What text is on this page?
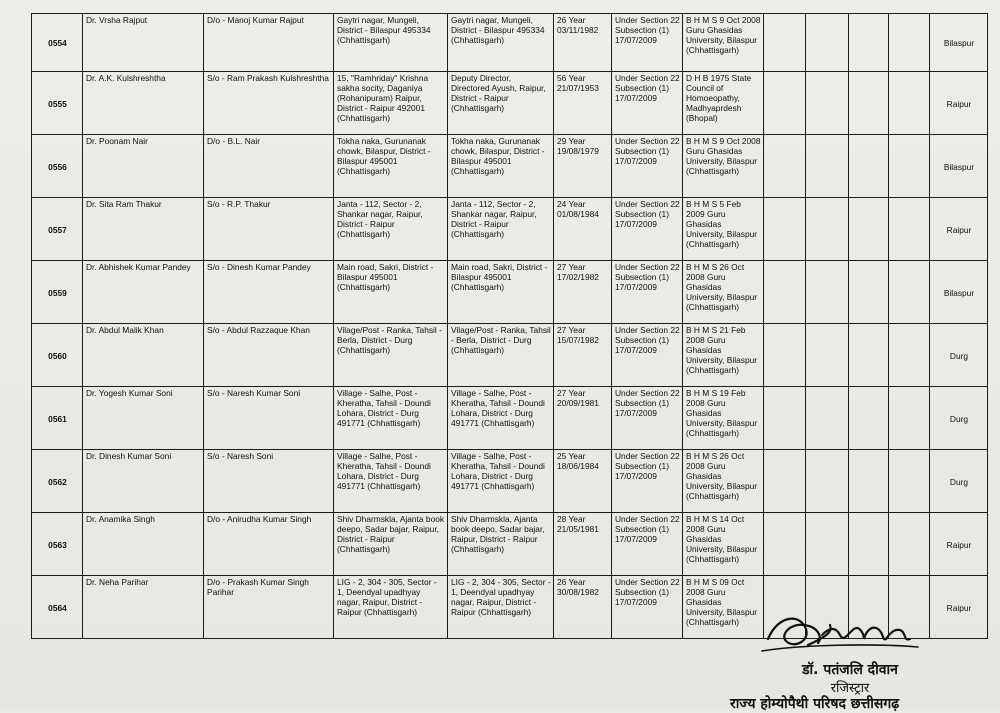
0554	Dr. Vrsha Rajput	D/o - Manoj Kumar Rajput	Gaytri nagar, Mungeli, District - Bilaspur 495334 (Chhattisgarh)	Gaytri nagar, Mungeli, District - Bilaspur 495334 (Chhattisgarh)	26 Year 03/11/1982	Under Section 22 Subsection (1) 17/07/2009	B H M S 9 Oct 2008 Guru Ghasidas University, Bilaspur (Chhattisgarh)					Bilaspur
0555	Dr. A.K. Kulshreshtha	S/o - Ram Prakash Kulshreshtha	15, "Ramhriday" Krishna sakha socity, Daganiya (Rohanipuram) Raipur, District - Raipur 492001 (Chhattisgarh)	Deputy Director, Directored Ayush, Raipur, District - Raipur (Chhattisgarh)	56 Year 21/07/1953	Under Section 22 Subsection (1) 17/07/2009	D H B 1975 State Council of Homoeopathy, Madhyaprdesh (Bhopal)					Raipur
0556	Dr. Poonam Nair	D/o - B.L. Nair	Tokha naka, Gurunanak chowk, Bilaspur, District - Bilaspur 495001 (Chhattisgarh)	Tokha naka, Gurunanak chowk, Bilaspur, District - Bilaspur 495001 (Chhattisgarh)	29 Year 19/08/1979	Under Section 22 Subsection (1) 17/07/2009	B H M S 9 Oct 2008 Guru Ghasidas University, Bilaspur (Chhattisgarh)					Bilaspur
0557	Dr. Sita Ram Thakur	S/o - R.P. Thakur	Janta - 112, Sector - 2, Shankar nagar, Raipur, District - Raipur (Chhattisgarh)	Janta - 112, Sector - 2, Shankar nagar, Raipur, District - Raipur (Chhattisgarh)	24 Year 01/08/1984	Under Section 22 Subsection (1) 17/07/2009	B H M S 5 Feb 2009 Guru Ghasidas University, Bilaspur (Chhattisgarh)					Raipur
0559	Dr. Abhishek Kumar Pandey	S/o - Dinesh Kumar Pandey	Main road, Sakri, District - Bilaspur 495001 (Chhattisgarh)	Main road, Sakri, District - Bilaspur 495001 (Chhattisgarh)	27 Year 17/02/1982	Under Section 22 Subsection (1) 17/07/2009	B H M S 26 Oct 2008 Guru Ghasidas University, Bilaspur (Chhattisgarh)					Bilaspur
0560	Dr. Abdul Malik Khan	S/o - Abdul Razzaque Khan	Vilage/Post - Ranka, Tahsil - Berla, District - Durg (Chhattisgarh)	Vilage/Post - Ranka, Tahsil - Berla, District - Durg (Chhattisgarh)	27 Year 15/07/1982	Under Section 22 Subsection (1) 17/07/2009	B H M S 21 Feb 2008 Guru Ghasidas University, Bilaspur (Chhattisgarh)					Durg
0561	Dr. Yogesh Kumar Soni	S/o - Naresh Kumar Soni	Village - Salhe, Post - Kheratha, Tahsil - Doundi Lohara, District - Durg 491771 (Chhattisgarh)	Village - Salhe, Post - Kheratha, Tahsil - Doundi Lohara, District - Durg 491771 (Chhattisgarh)	27 Year 20/09/1981	Under Section 22 Subsection (1) 17/07/2009	B H M S 19 Feb 2008 Guru Ghasidas University, Bilaspur (Chhattisgarh)					Durg
0562	Dr. Dinesh Kumar Soni	S/o - Naresh Soni	Village - Salhe, Post - Kheratha, Tahsil - Doundi Lohara, District - Durg 491771 (Chhattisgarh)	Village - Salhe, Post - Kheratha, Tahsil - Doundi Lohara, District - Durg 491771 (Chhattisgarh)	25 Year 18/06/1984	Under Section 22 Subsection (1) 17/07/2009	B H M S 26 Oct 2008 Guru Ghasidas University, Bilaspur (Chhattisgarh)					Durg
0563	Dr. Anamika Singh	D/o - Anirudha Kumar Singh	Shiv Dharmskla, Ajanta book deepo, Sadar bajar, Raipur, District - Raipur (Chhattisgarh)	Shiv Dharmskla, Ajanta book deepo, Sadar bajar, Raipur, District - Raipur (Chhattisgarh)	28 Year 21/05/1981	Under Section 22 Subsection (1) 17/07/2009	B H M S 14 Oct 2008 Guru Ghasidas University, Bilaspur (Chhattisgarh)					Raipur
0564	Dr. Neha Parihar	D/o - Prakash Kumar Singh Parihar	LIG - 2, 304 - 305, Sector - 1, Deendyal upadhyay nagar, Raipur, District - Raipur (Chhattisgarh)	LIG - 2, 304 - 305, Sector - 1, Deendyal upadhyay nagar, Raipur, District - Raipur (Chhattisgarh)	26 Year 30/08/1982	Under Section 22 Subsection (1) 17/07/2009	B H M S 09 Oct 2008 Guru Ghasidas University, Bilaspur (Chhattisgarh)					Raipur
डॉ. पतंजलि दीवान
रजिस्ट्रार
राज्य होम्योपैथी परिषद छत्तीसगढ़
